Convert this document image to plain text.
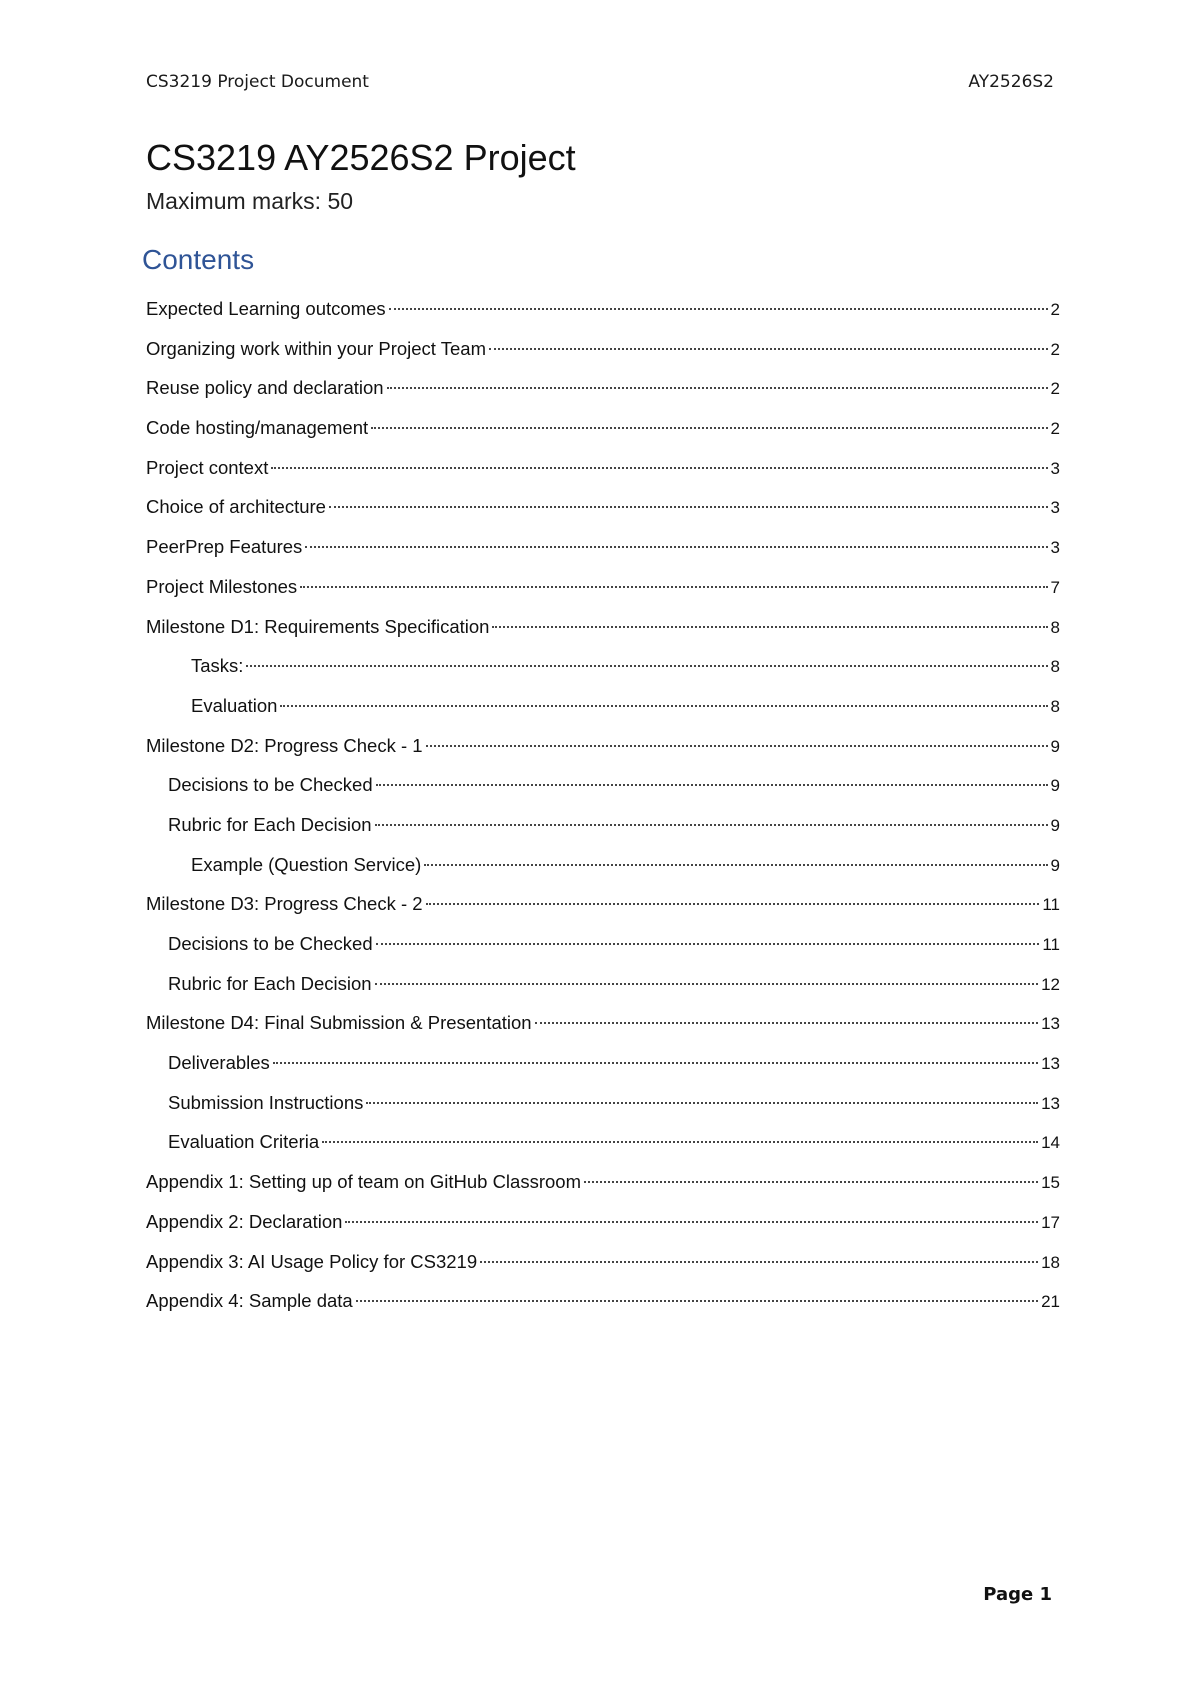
CS3219 Project Document	AY2526S2
CS3219 AY2526S2 Project
Maximum marks: 50
Contents
Expected Learning outcomes	2
Organizing work within your Project Team	2
Reuse policy and declaration	2
Code hosting/management	2
Project context	3
Choice of architecture	3
PeerPrep Features	3
Project Milestones	7
Milestone D1: Requirements Specification	8
Tasks:	8
Evaluation	8
Milestone D2: Progress Check - 1	9
Decisions to be Checked	9
Rubric for Each Decision	9
Example (Question Service)	9
Milestone D3: Progress Check - 2	11
Decisions to be Checked	11
Rubric for Each Decision	12
Milestone D4: Final Submission & Presentation	13
Deliverables	13
Submission Instructions	13
Evaluation Criteria	14
Appendix 1: Setting up of team on GitHub Classroom	15
Appendix 2: Declaration	17
Appendix 3: AI Usage Policy for CS3219	18
Appendix 4: Sample data	21
Page 1
